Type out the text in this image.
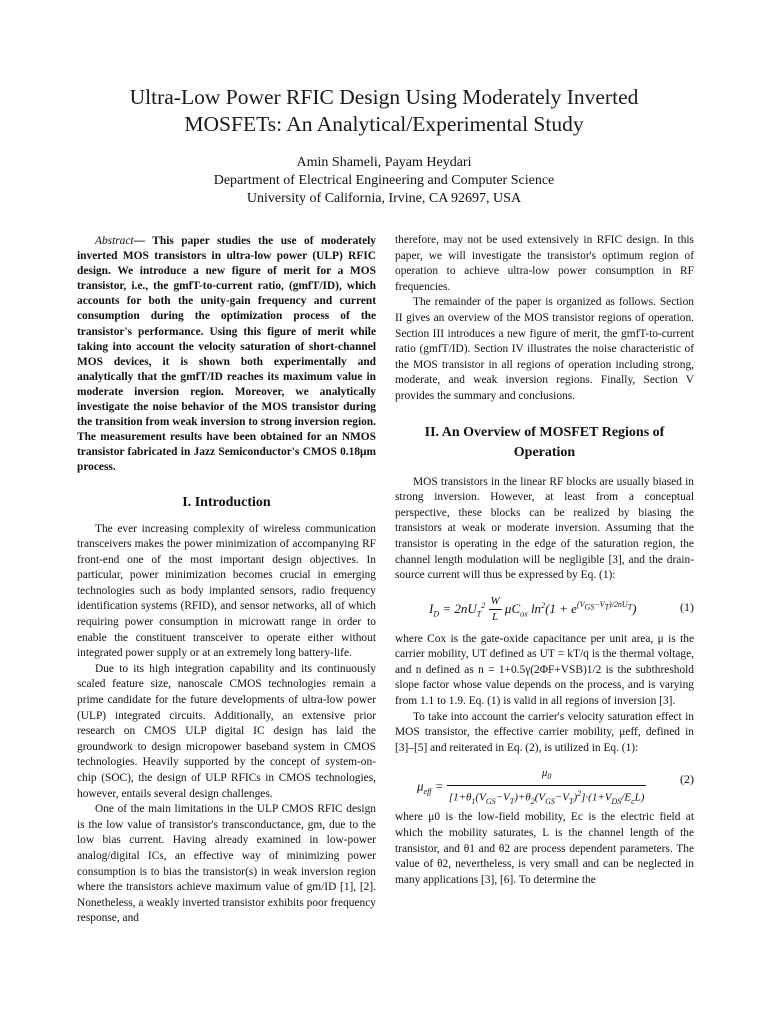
Ultra-Low Power RFIC Design Using Moderately Inverted
MOSFETs: An Analytical/Experimental Study
Amin Shameli, Payam Heydari
Department of Electrical Engineering and Computer Science
University of California, Irvine, CA 92697, USA

Abstract— This paper studies the use of moderately inverted MOS transistors in ultra-low power (ULP) RFIC design. We introduce a new figure of merit for a MOS transistor, i.e., the gmfT-to-current ratio, (gmfT/ID), which accounts for both the unity-gain frequency and current consumption during the optimization process of the transistor's performance. Using this figure of merit while taking into account the velocity saturation of short-channel MOS devices, it is shown both experimentally and analytically that the gmfT/ID reaches its maximum value in moderate inversion region. Moreover, we analytically investigate the noise behavior of the MOS transistor during the transition from weak inversion to strong inversion region. The measurement results have been obtained for an NMOS transistor fabricated in Jazz Semiconductor's CMOS 0.18μm process.

I. Introduction

The ever increasing complexity of wireless communication transceivers makes the power minimization of accompanying RF front-end one of the most important design objectives. In particular, power minimization becomes crucial in emerging technologies such as body implanted sensors, radio frequency identification systems (RFID), and sensor networks, all of which requiring power consumption in microwatt range in order to enable the constituent transceiver to operate either without integrated power supply or at an extremely long battery-life.

Due to its high integration capability and its continuously scaled feature size, nanoscale CMOS technologies remain a prime candidate for the future developments of ultra-low power (ULP) integrated circuits. Additionally, an extensive prior research on CMOS ULP digital IC design has laid the groundwork to design micropower baseband system in CMOS technologies. Heavily supported by the concept of system-on-chip (SOC), the design of ULP RFICs in CMOS technologies, however, entails several design challenges.

One of the main limitations in the ULP CMOS RFIC design is the low value of transistor's transconductance, gm, due to the low bias current. Having already examined in low-power analog/digital ICs, an effective way of minimizing power consumption is to bias the transistor(s) in weak inversion region where the transistors achieve maximum value of gm/ID [1], [2]. Nonetheless, a weakly inverted transistor exhibits poor frequency response, and

therefore, may not be used extensively in RFIC design. In this paper, we will investigate the transistor's optimum region of operation to achieve ultra-low power consumption in RF frequencies.

The remainder of the paper is organized as follows. Section II gives an overview of the MOS transistor regions of operation. Section III introduces a new figure of merit, the gmfT-to-current ratio (gmfT/ID). Section IV illustrates the noise characteristic of the MOS transistor in all regions of operation including strong, moderate, and weak inversion regions. Finally, Section V provides the summary and conclusions.

II. An Overview of MOSFET Regions of
Operation

MOS transistors in the linear RF blocks are usually biased in strong inversion. However, at least from a conceptual perspective, these blocks can be realized by biasing the transistors at weak or moderate inversion. Assuming that the transistor is operating in the edge of the saturation region, the channel length modulation will be negligible [3], and the drain-source current will thus be expressed by Eq. (1):

$I_D = 2nU_T^2 \frac{W}{L} \mu C_{ox}$ $\ln^2(1 + e^{(V_{GS}-V_T)/2nU_T})$	(1)

where Cox is the gate-oxide capacitance per unit area, μ is the carrier mobility, UT defined as UT = kT/q is the thermal voltage, and n defined as n = 1+0.5γ(2ΦF+VSB)1/2 is the subthreshold slope factor whose value depends on the process, and is varying from 1.1 to 1.9. Eq. (1) is valid in all regions of inversion [3].

To take into account the carrier's velocity saturation effect in MOS transistor, the effective carrier mobility, μeff, defined in [3]–[5] and reiterated in Eq. (2), is utilized in Eq. (1):

$\mu_{eff} = \frac{\mu_0}{[1+\theta_1(V_{GS}-V_T)+\theta_2(V_{GS}-V_T)^2]\cdot(1+V_{DS}/E_cL)}$	(2)

where μ0 is the low-field mobility, Ec is the electric field at which the mobility saturates, L is the channel length of the transistor, and θ1 and θ2 are process dependent parameters. The value of θ2, nevertheless, is very small and can be neglected in many applications [3], [6]. To determine the
